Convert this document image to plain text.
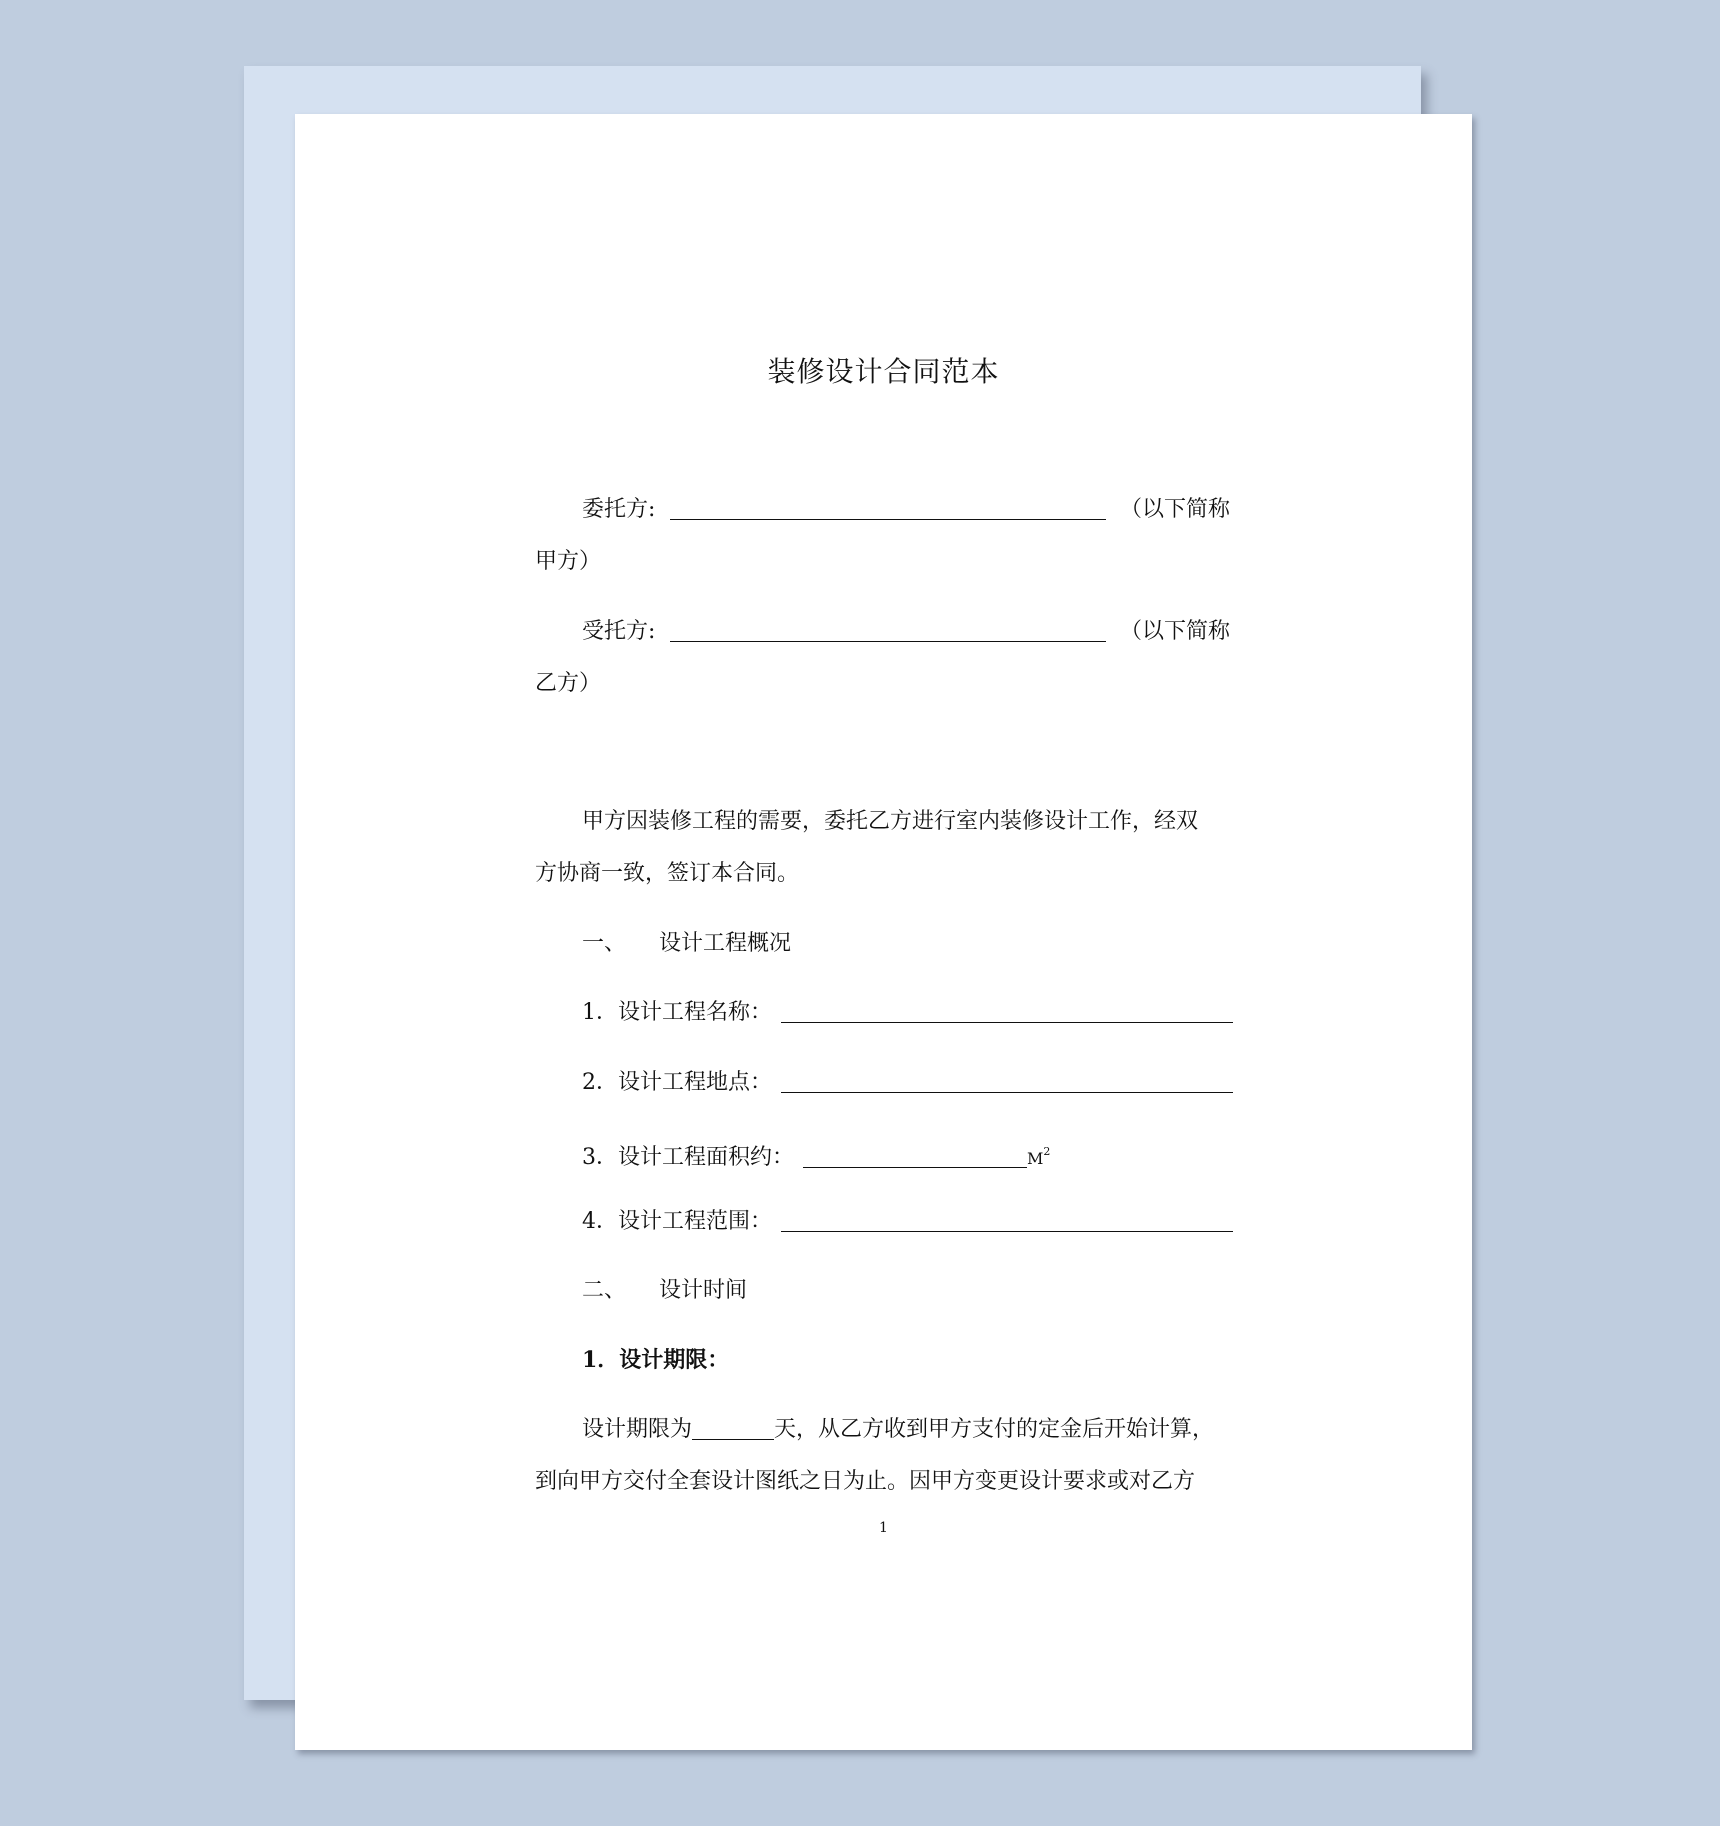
装修设计合同范本
委托方:	（以下简称
甲方）
受托方:	（以下简称
乙方）
甲方因装修工程的需要，委托乙方进行室内装修设计工作，经双
方协商一致，签订本合同。
一、 设计工程概况
1．设计工程名称：
2．设计工程地点：
3．设计工程面积约：	$M^2$
4．设计工程范围：
二、 设计时间
1．设计期限：
设计期限为	天，从乙方收到甲方支付的定金后开始计算，
到向甲方交付全套设计图纸之日为止。因甲方变更设计要求或对乙方
1
